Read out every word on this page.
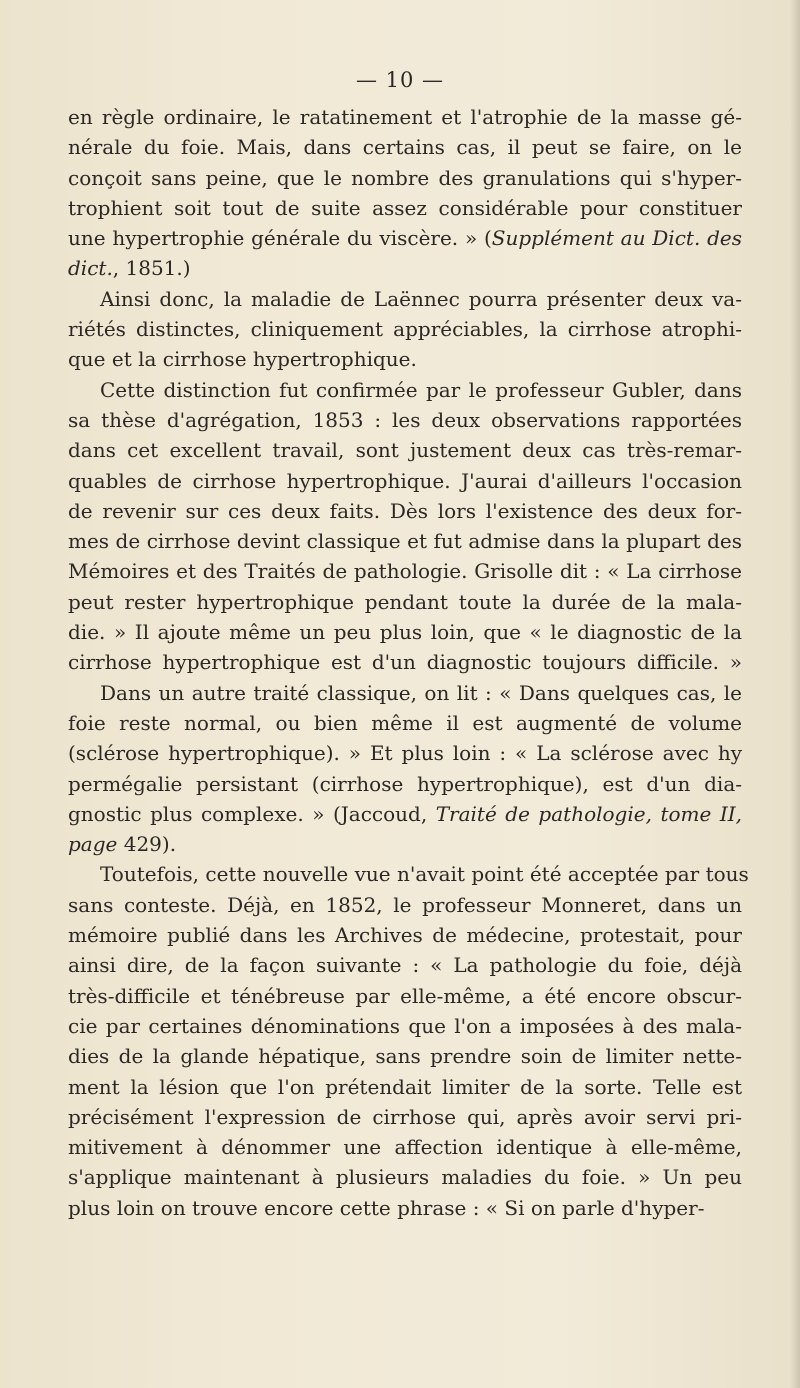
— 10 —
en règle ordinaire, le ratatinement et l'atrophie de la masse gé-
nérale du foie. Mais, dans certains cas, il peut se faire, on le
conçoit sans peine, que le nombre des granulations qui s'hyper-
trophient soit tout de suite assez considérable pour constituer
une hypertrophie générale du viscère. » (Supplément au Dict. des
dict., 1851.)
Ainsi donc, la maladie de Laënnec pourra présenter deux va-
riétés distinctes, cliniquement appréciables, la cirrhose atrophi-
que et la cirrhose hypertrophique.
Cette distinction fut confirmée par le professeur Gubler, dans
sa thèse d'agrégation, 1853 : les deux observations rapportées
dans cet excellent travail, sont justement deux cas très-remar-
quables de cirrhose hypertrophique. J'aurai d'ailleurs l'occasion
de revenir sur ces deux faits. Dès lors l'existence des deux for-
mes de cirrhose devint classique et fut admise dans la plupart des
Mémoires et des Traités de pathologie. Grisolle dit : « La cirrhose
peut rester hypertrophique pendant toute la durée de la mala-
die. » Il ajoute même un peu plus loin, que « le diagnostic de la
cirrhose hypertrophique est d'un diagnostic toujours difficile. »
Dans un autre traité classique, on lit : « Dans quelques cas, le
foie reste normal, ou bien même il est augmenté de volume
(sclérose hypertrophique). » Et plus loin : « La sclérose avec hy
permégalie persistant (cirrhose hypertrophique), est d'un dia-
gnostic plus complexe. » (Jaccoud, Traité de pathologie, tome II,
page 429).
Toutefois, cette nouvelle vue n'avait point été acceptée par tous
sans conteste. Déjà, en 1852, le professeur Monneret, dans un
mémoire publié dans les Archives de médecine, protestait, pour
ainsi dire, de la façon suivante : « La pathologie du foie, déjà
très-difficile et ténébreuse par elle-même, a été encore obscur-
cie par certaines dénominations que l'on a imposées à des mala-
dies de la glande hépatique, sans prendre soin de limiter nette-
ment la lésion que l'on prétendait limiter de la sorte. Telle est
précisément l'expression de cirrhose qui, après avoir servi pri-
mitivement à dénommer une affection identique à elle-même,
s'applique maintenant à plusieurs maladies du foie. » Un peu
plus loin on trouve encore cette phrase : « Si on parle d'hyper-
